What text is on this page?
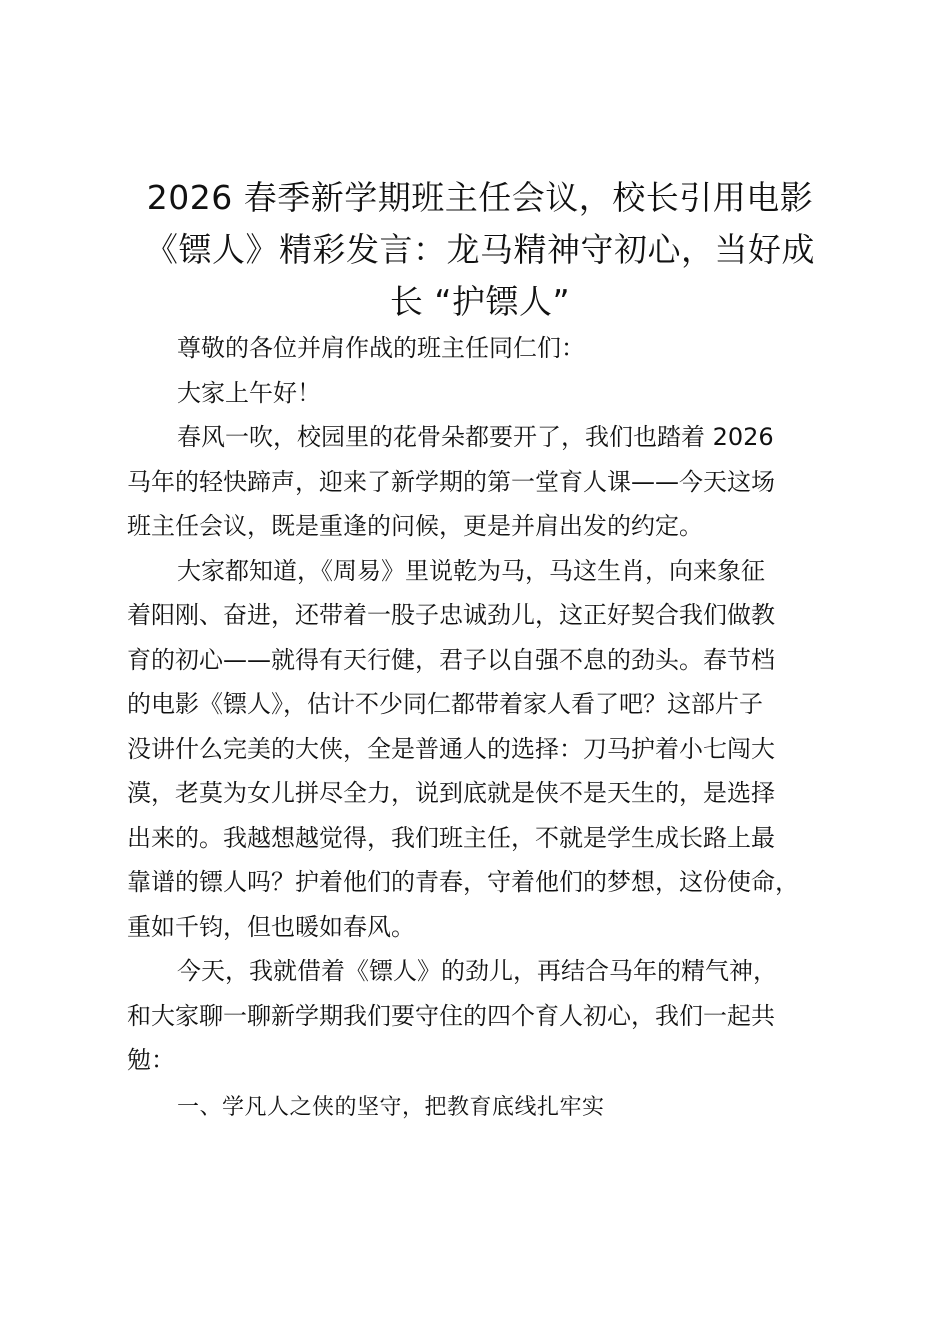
2026 春季新学期班主任会议，校长引用电影
《镖人》精彩发言：龙马精神守初心，当好成
长 “护镖人”

尊敬的各位并肩作战的班主任同仁们：

大家上午好！

春风一吹，校园里的花骨朵都要开了，我们也踏着 2026
马年的轻快蹄声，迎来了新学期的第一堂育人课——今天这场
班主任会议，既是重逢的问候，更是并肩出发的约定。

大家都知道，《周易》里说乾为马，马这生肖，向来象征
着阳刚、奋进，还带着一股子忠诚劲儿，这正好契合我们做教
育的初心——就得有天行健，君子以自强不息的劲头。春节档
的电影《镖人》，估计不少同仁都带着家人看了吧？这部片子
没讲什么完美的大侠，全是普通人的选择：刀马护着小七闯大
漠，老莫为女儿拼尽全力，说到底就是侠不是天生的，是选择
出来的。我越想越觉得，我们班主任，不就是学生成长路上最
靠谱的镖人吗？护着他们的青春，守着他们的梦想，这份使命，
重如千钧，但也暖如春风。

今天，我就借着《镖人》的劲儿，再结合马年的精气神，
和大家聊一聊新学期我们要守住的四个育人初心，我们一起共
勉：

一、学凡人之侠的坚守，把教育底线扎牢实
